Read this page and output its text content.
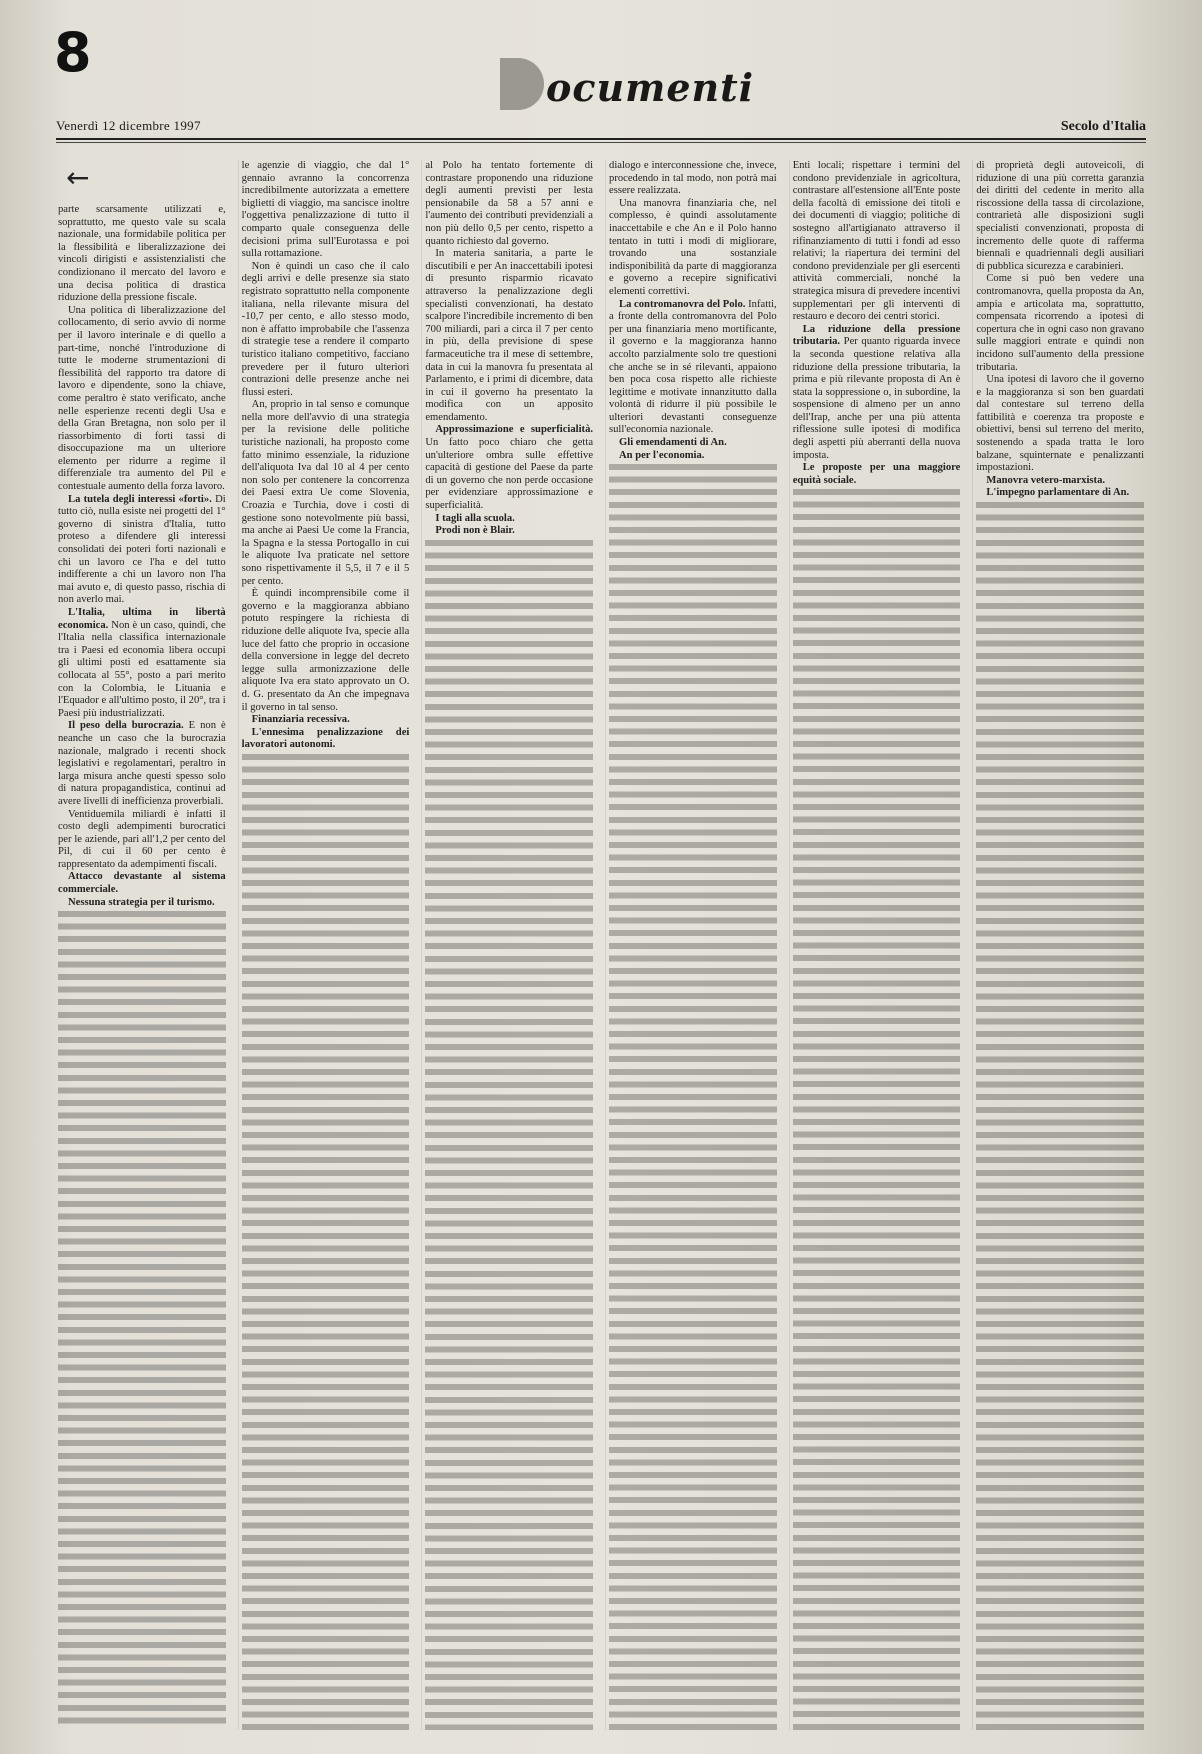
8
ocumenti
Venerdì 12 dicembre 1997	Secolo d'Italia
←

parte scarsamente utilizzati e, soprattutto, me questo vale su scala nazionale, una formidabile politica per la flessibilità e liberalizzazione dei vincoli dirigisti e assistenzialisti che condizionano il mercato del lavoro e una decisa politica di drastica riduzione della pressione fiscale.

Una politica di liberalizzazione del collocamento, di serio avvio di norme per il lavoro interinale e di quello a part-time, nonché l'introduzione di tutte le moderne strumentazioni di flessibilità del rapporto tra datore di lavoro e dipendente, sono la chiave, come peraltro è stato verificato, anche nelle esperienze recenti degli Usa e della Gran Bretagna, non solo per il riassorbimento di forti tassi di disoccupazione ma un ulteriore elemento per ridurre a regime il differenziale tra aumento del Pil e contestuale aumento della forza lavoro.

La tutela degli interessi «forti». Di tutto ciò, nulla esiste nei progetti del 1° governo di sinistra d'Italia, tutto proteso a difendere gli interessi consolidati dei poteri forti nazionali e chi un lavoro ce l'ha e del tutto indifferente a chi un lavoro non l'ha mai avuto e, di questo passo, rischia di non averlo mai.

L'Italia, ultima in libertà economica. Non è un caso, quindi, che l'Italia nella classifica internazionale tra i Paesi ed economia libera occupi gli ultimi posti ed esattamente sia collocata al 55°, posto a pari merito con la Colombia, le Lituania e l'Equador e all'ultimo posto, il 20°, tra i Paesi più industrializzati.

Il peso della burocrazia. E non è neanche un caso che la burocrazia nazionale, malgrado i recenti shock legislativi e regolamentari, peraltro in larga misura anche questi spesso solo di natura propagandistica, continui ad avere livelli di inefficienza proverbiali.

Ventiduemila miliardi è infatti il costo degli adempimenti burocratici per le aziende, pari all'1,2 per cento del Pil, di cui il 60 per cento è rappresentato da adempimenti fiscali.

Attacco devastante al sistema commerciale.

Nessuna strategia per il turismo.

le agenzie di viaggio, che dal 1° gennaio avranno la concorrenza incredibilmente autorizzata a emettere biglietti di viaggio, ma sancisce inoltre l'oggettiva penalizzazione di tutto il comparto quale conseguenza delle decisioni prima sull'Eurotassa e poi sulla rottamazione.

Non è quindi un caso che il calo degli arrivi e delle presenze sia stato registrato soprattutto nella componente italiana, nella rilevante misura del -10,7 per cento, e allo stesso modo, non è affatto improbabile che l'assenza di strategie tese a rendere il comparto turistico italiano competitivo, facciano prevedere per il futuro ulteriori contrazioni delle presenze anche nei flussi esteri.

An, proprio in tal senso e comunque nella more dell'avvio di una strategia per la revisione delle politiche turistiche nazionali, ha proposto come fatto minimo essenziale, la riduzione dell'aliquota Iva dal 10 al 4 per cento non solo per contenere la concorrenza dei Paesi extra Ue come Slovenia, Croazia e Turchia, dove i costi di gestione sono notevolmente più bassi, ma anche ai Paesi Ue come la Francia, la Spagna e la stessa Portogallo in cui le aliquote Iva praticate nel settore sono rispettivamente il 5,5, il 7 e il 5 per cento.

È quindi incomprensibile come il governo e la maggioranza abbiano potuto respingere la richiesta di riduzione delle aliquote Iva, specie alla luce del fatto che proprio in occasione della conversione in legge del decreto legge sulla armonizzazione delle aliquote Iva era stato approvato un O. d. G. presentato da An che impegnava il governo in tal senso.

Finanziaria recessiva.

L'ennesima penalizzazione dei lavoratori autonomi.

al Polo ha tentato fortemente di contrastare proponendo una riduzione degli aumenti previsti per lesta pensionabile da 58 a 57 anni e l'aumento dei contributi previdenziali a non più dello 0,5 per cento, rispetto a quanto richiesto dal governo.

In materia sanitaria, a parte le discutibili e per An inaccettabili ipotesi di presunto risparmio ricavato attraverso la penalizzazione degli specialisti convenzionati, ha destato scalpore l'incredibile incremento di ben 700 miliardi, pari a circa il 7 per cento in più, della previsione di spese farmaceutiche tra il mese di settembre, data in cui la manovra fu presentata al Parlamento, e i primi di dicembre, data in cui il governo ha presentato la modifica con un apposito emendamento.

Approssimazione e superficialità. Un fatto poco chiaro che getta un'ulteriore ombra sulle effettive capacità di gestione del Paese da parte di un governo che non perde occasione per evidenziare approssimazione e superficialità.

I tagli alla scuola.

Prodi non è Blair.

dialogo e interconnessione che, invece, procedendo in tal modo, non potrà mai essere realizzata.

Una manovra finanziaria che, nel complesso, è quindi assolutamente inaccettabile e che An e il Polo hanno tentato in tutti i modi di migliorare, trovando una sostanziale indisponibilità da parte di maggioranza e governo a recepire significativi elementi correttivi.

La contromanovra del Polo. Infatti, a fronte della contromanovra del Polo per una finanziaria meno mortificante, il governo e la maggioranza hanno accolto parzialmente solo tre questioni che anche se in sé rilevanti, appaiono ben poca cosa rispetto alle richieste legittime e motivate innanzitutto dalla volontà di ridurre il più possibile le ulteriori devastanti conseguenze sull'economia nazionale.

Gli emendamenti di An.

An per l'economia.

Enti locali; rispettare i termini del condono previdenziale in agricoltura, contrastare all'estensione all'Ente poste della facoltà di emissione dei titoli e dei documenti di viaggio; politiche di sostegno all'artigianato attraverso il rifinanziamento di tutti i fondi ad esso relativi; la riapertura dei termini del condono previdenziale per gli esercenti attività commerciali, nonché la strategica misura di prevedere incentivi supplementari per gli interventi di restauro e decoro dei centri storici.

La riduzione della pressione tributaria. Per quanto riguarda invece la seconda questione relativa alla riduzione della pressione tributaria, la prima e più rilevante proposta di An è stata la soppressione o, in subordine, la sospensione di almeno per un anno dell'Irap, anche per una più attenta riflessione sulle ipotesi di modifica degli aspetti più aberranti della nuova imposta.

Le proposte per una maggiore equità sociale.

di proprietà degli autoveicoli, di riduzione di una più corretta garanzia dei diritti del cedente in merito alla riscossione della tassa di circolazione, contrarietà alle disposizioni sugli specialisti convenzionati, proposta di incremento delle quote di rafferma biennali e quadriennali degli ausiliari di pubblica sicurezza e carabinieri.

Come si può ben vedere una contromanovra, quella proposta da An, ampia e articolata ma, soprattutto, compensata ricorrendo a ipotesi di copertura che in ogni caso non gravano sulle maggiori entrate e quindi non incidono sull'aumento della pressione tributaria.

Una ipotesi di lavoro che il governo e la maggioranza si son ben guardati dal contestare sul terreno della fattibilità e coerenza tra proposte e obiettivi, bensì sul terreno del merito, sostenendo a spada tratta le loro balzane, squinternate e penalizzanti impostazioni.

Manovra vetero-marxista.

L'impegno parlamentare di An.
